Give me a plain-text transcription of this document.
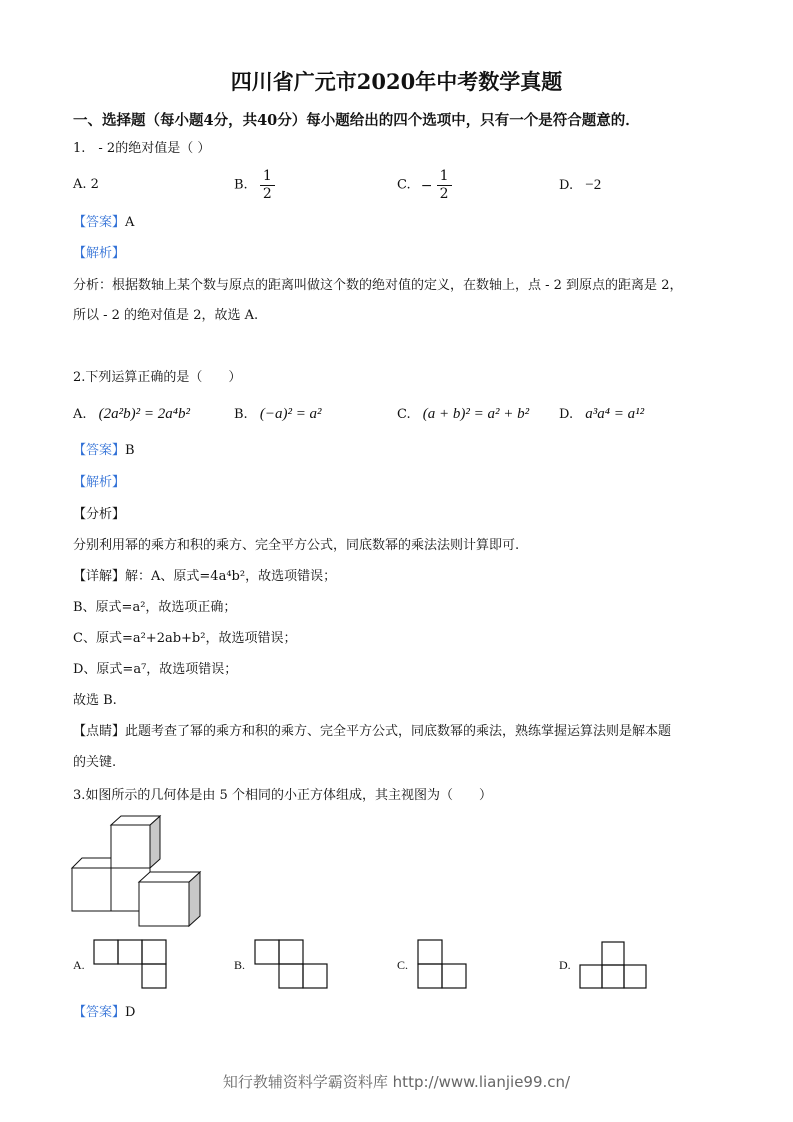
四川省广元市2020年中考数学真题
一、选择题（每小题4分，共40分）每小题给出的四个选项中，只有一个是符合题意的．
1.　- 2的绝对值是（ ）
A. 2	B. $\frac{1}{2}$	C. − $\frac{1}{2}$	D. −2
【答案】A
【解析】
分析：根据数轴上某个数与原点的距离叫做这个数的绝对值的定义，在数轴上，点 - 2 到原点的距离是 2，
所以 - 2 的绝对值是 2，故选 A.
2.下列运算正确的是（　　）
A. (2a²b)² = 2a⁴b²	B. (−a)² = a²	C. (a + b)² = a² + b² D. a³a⁴ = a¹²
【答案】B
【解析】
【分析】
分别利用幂的乘方和积的乘方、完全平方公式，同底数幂的乘法法则计算即可.
【详解】解：A、原式=4a⁴b²，故选项错误；
B、原式=a²，故选项正确；
C、原式=a²+2ab+b²，故选项错误；
D、原式=a⁷，故选项错误；
故选 B.
【点睛】此题考查了幂的乘方和积的乘方、完全平方公式，同底数幂的乘法，熟练掌握运算法则是解本题
的关键.
3.如图所示的几何体是由 5 个相同的小正方体组成，其主视图为（　　）
A.	B.	C.	D.
【答案】D
知行教辅资料学霸资料库 http://www.lianjie99.cn/
